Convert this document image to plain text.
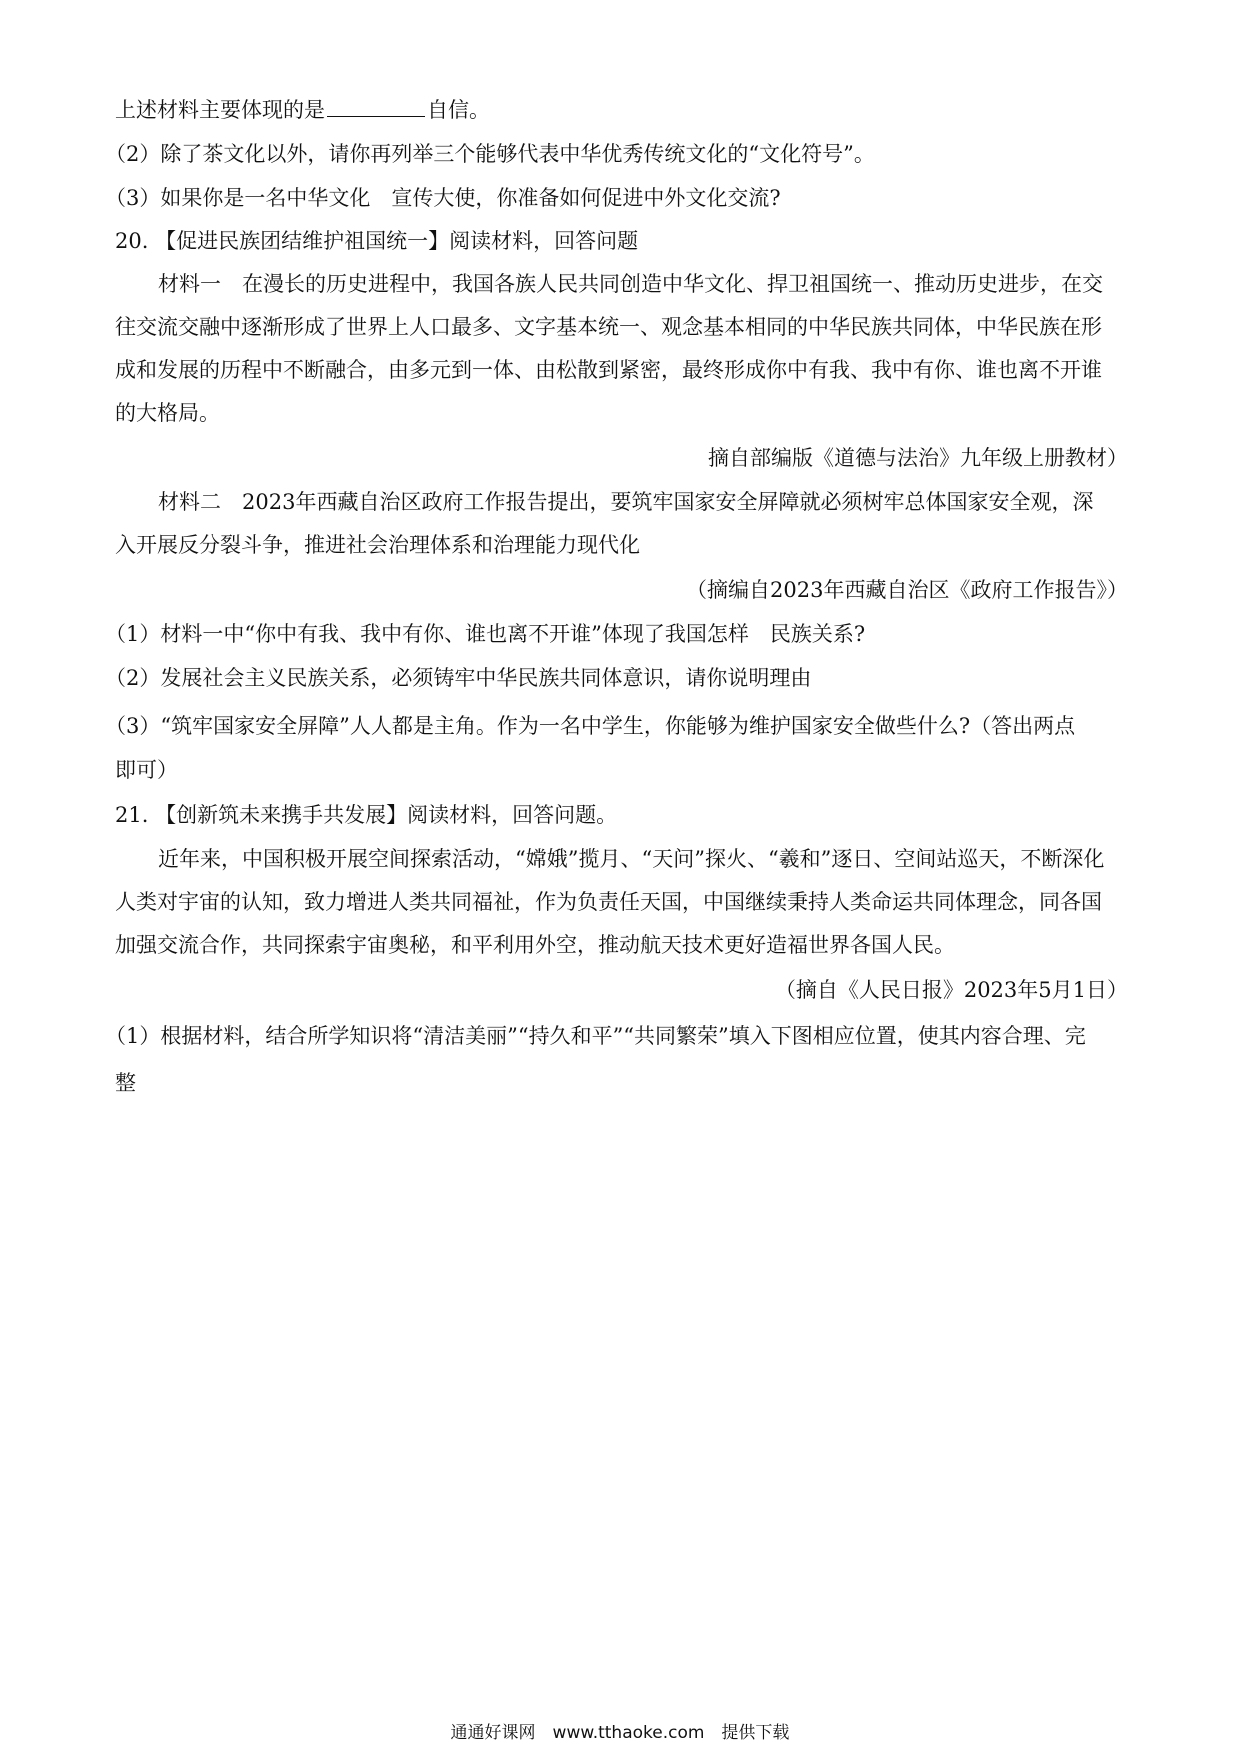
上述材料主要体现的是	自信。
（2）除了茶文化以外，请你再列举三个能够代表中华优秀传统文化的“文化符号”。
（3）如果你是一名中华文化　宣传大使，你准备如何促进中外文化交流?
20. 【促进民族团结维护祖国统一】阅读材料，回答问题
材料一　在漫长的历史进程中，我国各族人民共同创造中华文化、捍卫祖国统一、推动历史进步，在交
往交流交融中逐渐形成了世界上人口最多、文字基本统一、观念基本相同的中华民族共同体，中华民族在形
成和发展的历程中不断融合，由多元到一体、由松散到紧密，最终形成你中有我、我中有你、谁也离不开谁
的大格局。
摘自部编版《道德与法治》九年级上册教材）
材料二　2023年西藏自治区政府工作报告提出，要筑牢国家安全屏障就必须树牢总体国家安全观，深
入开展反分裂斗争，推进社会治理体系和治理能力现代化
（摘编自2023年西藏自治区《政府工作报告》）
（1）材料一中“你中有我、我中有你、谁也离不开谁”体现了我国怎样　民族关系?
（2）发展社会主义民族关系，必须铸牢中华民族共同体意识，请你说明理由
（3）“筑牢国家安全屏障”人人都是主角。作为一名中学生，你能够为维护国家安全做些什么?（答出两点
即可）
21. 【创新筑未来携手共发展】阅读材料，回答问题。
近年来，中国积极开展空间探索活动，“嫦娥”揽月、“天问”探火、“羲和”逐日、空间站巡天，不断深化
人类对宇宙的认知，致力增进人类共同福祉，作为负责任天国，中国继续秉持人类命运共同体理念，同各国
加强交流合作，共同探索宇宙奥秘，和平利用外空，推动航天技术更好造福世界各国人民。
（摘自《人民日报》2023年5月1日）
（1）根据材料，结合所学知识将“清洁美丽”“持久和平”“共同繁荣”填入下图相应位置，使其内容合理、完
整
通通好课网　www.tthaoke.com　提供下载
